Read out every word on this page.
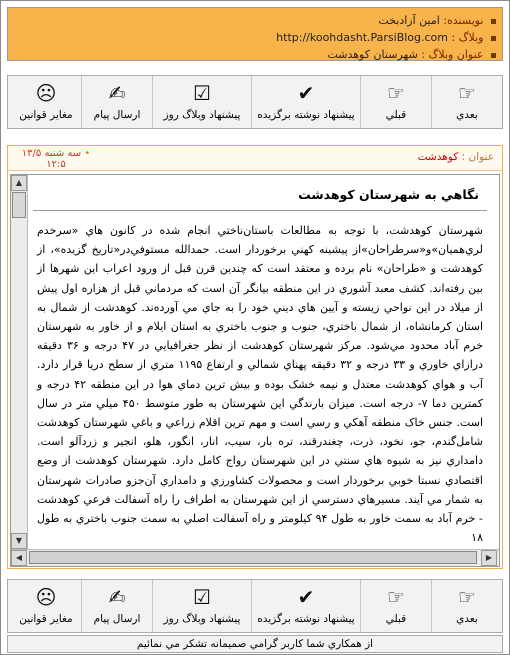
نویسنده: امین آزادبخت
وبلاگ : http://koohdasht.ParsiBlog.com
عنوان وبلاگ : شهرستان کوهدشت
☞
بعدي
☞
قبلي
✔
پيشنهاد نوشته برگزيده
☑
پيشنهاد وبلاگ روز
✍
ارسال پيام
☹
مغاير قوانين
عنوان : کوهدشت
• سه شنبه ۱۳/۵
۱۲:۵
▲
▼
نگاهي به شهرستان کوهدشت
شهرستان کوهدشت، با توجه به مطالعات باستان‌ناختي انجام شده در کانون هاي «سرخدم لري‌هميان»و«سرطراحان»از پيشينه کهني برخوردار است. حمدالله مستوفي‌در«تاريخ گزيده»، از کوهدشت و «طراحان» نام برده و معتقد است که چندين قرن قبل از ورود اعراب اين شهرها از بين رفته‌اند. کشف معبد آشوري در اين منطقه بيانگر آن است که مردماني قبل از هزاره اول پيش از ميلاد در اين نواحي زيسته و آيين هاي ديني خود را به جاي مي آورده‌ند. کوهدشت از شمال به استان کرمانشاه، از شمال باختري، جنوب و جنوب باختري به استان ايلام و از خاور به شهرستان خرم آباد محدود مي‌شود. مرکز شهرستان کوهدشت از نظر جغرافيايي در ۴۷ درجه و ۳۶ دقيقه درازاي خاوري و ۳۳ درجه و ۳۲ دقيقه پهناي شمالي و ارتفاع ۱۱۹۵ متري از سطح دريا قرار دارد. آب و هواي کوهدشت معتدل و نيمه خشک بوده و بيش ترين دماي هوا در اين منطقه ۴۲ درجه و کمترين دما ۷- درجه است. ميزان بارندگي اين شهرستان به طور متوسط ۴۵۰ ميلي متر در سال است. جنس خاک منطقه آهکي و رسي است و مهم ترين اقلام زراعي و باغي شهرستان کوهدشت شامل‌گندم، جو، نخود، ذرت، چغندرقند، تره بار، سيب، انار، انگور، هلو، انجير و زردآلو است. دامداري نيز به شيوه هاي سنتي در اين شهرستان رواج کامل دارد. شهرستان کوهدشت از وضع اقتصادي نسبتا خوبي برخوردار است و محصولات کشاورزي و دامداري آن‌جزو صادرات شهرستان به شمار مي آيند. مسيرهاي دسترسي از اين شهرستان به اطراف را راه آسفالت فرعي کوهدشت - خرم آباد به سمت خاور به طول ۹۴ کيلومتر و راه آسفالت اصلي به سمت جنوب باختري به طول ۱۸
◀	▶
☞
بعدي
☞
قبلي
✔
پيشنهاد نوشته برگزيده
☑
پيشنهاد وبلاگ روز
✍
ارسال پيام
☹
مغاير قوانين
از همکاري شما کاربر گرامي صميمانه تشکر مي نمائيم
